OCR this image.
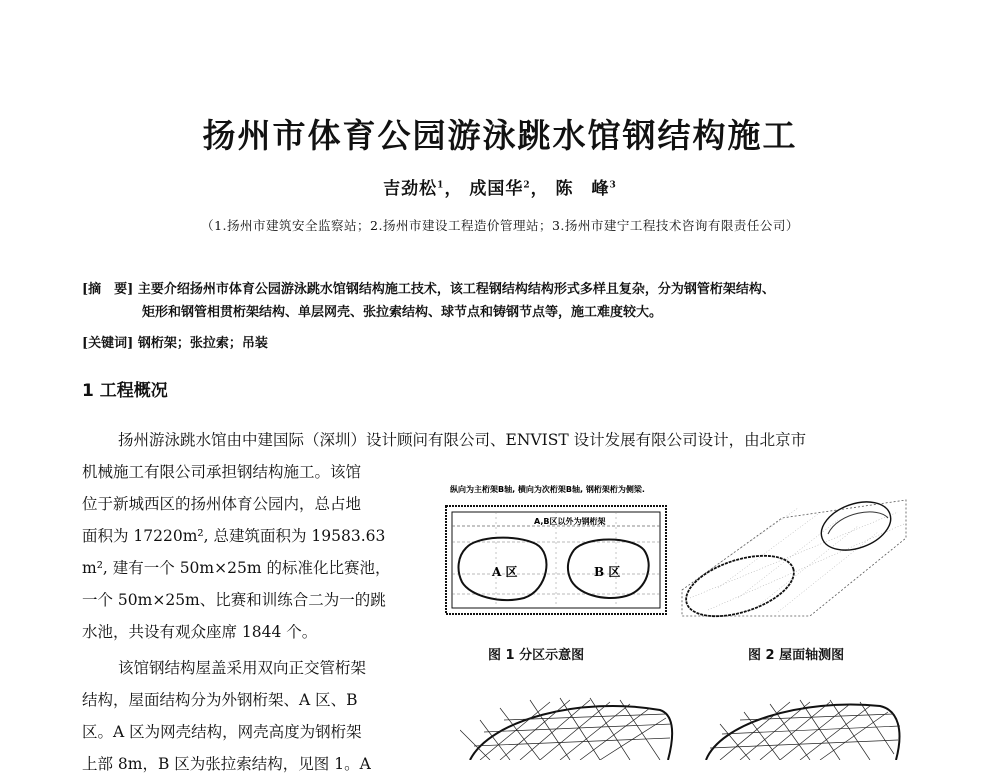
扬州市体育公园游泳跳水馆钢结构施工
吉劲松$^1$， 成国华$^2$， 陈　峰$^3$
（1.扬州市建筑安全监察站；2.扬州市建设工程造价管理站；3.扬州市建宁工程技术咨询有限责任公司）
[摘　要] 主要介绍扬州市体育公园游泳跳水馆钢结构施工技术，该工程钢结构结构形式多样且复杂，分为钢管桁架结构、
矩形和钢管相贯桁架结构、单层网壳、张拉索结构、球节点和铸钢节点等，施工难度较大。
[关键词] 钢桁架；张拉索；吊装
1 工程概况
扬州游泳跳水馆由中建国际（深圳）设计顾问有限公司、ENVIST 设计发展有限公司设计，由北京市

机械施工有限公司承担钢结构施工。该馆

位于新城西区的扬州体育公园内，总占地

面积为 17220m², 总建筑面积为 19583.63

m², 建有一个 50m×25m 的标准化比赛池，

一个 50m×25m、比赛和训练合二为一的跳

水池，共设有观众座席 1844 个。

该馆钢结构屋盖采用双向正交管桁架

结构，屋面结构分为外钢桁架、A 区、B

区。A 区为网壳结构，网壳高度为钢桁架

上部 8m，B 区为张拉索结构，见图 1。A

纵向为主桁架B轴, 横向为次桁架B轴, 钢桁架桁为侧梁.
A,B区以外为钢桁架
A 区	B 区
图 1 分区示意图	图 2 屋面轴测图
